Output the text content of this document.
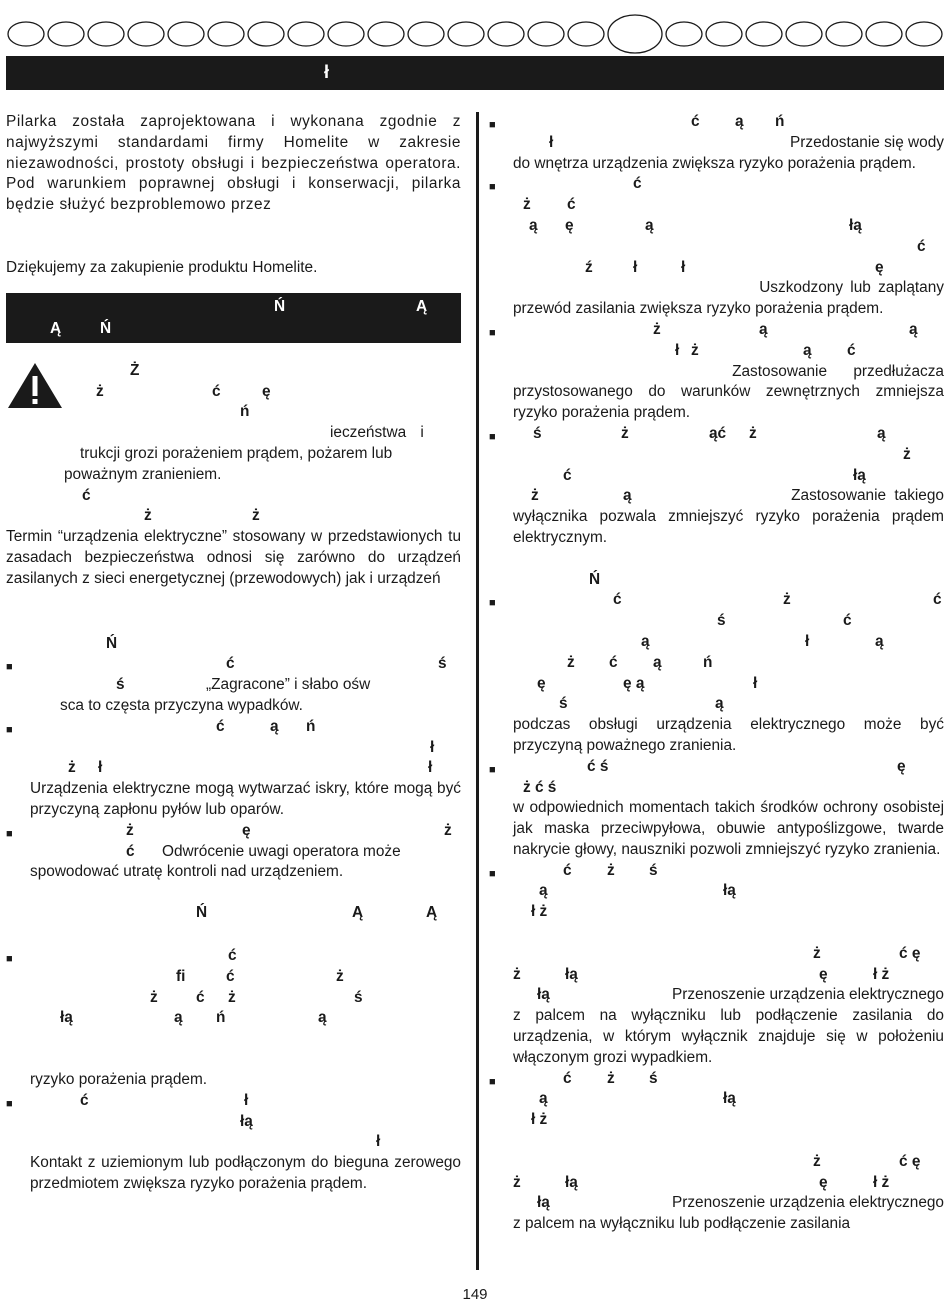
ł

Pilarka została zaprojektowana i wykonana zgodnie z najwyższymi standardami firmy Homelite w zakresie niezawodności, prostoty obsługi i bezpieczeństwa operatora. Pod warunkiem poprawnej obsługi i konserwacji, pilarka będzie służyć bezproblemowo przez

Dziękujemy za zakupienie produktu Homelite.

Ń	Ą
Ą	Ń
Ż
ż	ć	ę
ń
ieczeństwa i
trukcji grozi porażeniem prądem, pożarem lub
poważnym zranieniem.
ć
ż	ż

Termin “urządzenia elektryczne” stosowany w przedstawionych tu zasadach bezpieczeństwa odnosi się zarówno do urządzeń zasilanych z sieci energetycznej (przewodowych) jak i urządzeń

Ń
■	ć	ś
ś	„Zagracone” i słabo ośw
sca to częsta przyczyna wypadków.
■	ć	ą ń
ł
ż ł	ł

Urządzenia elektryczne mogą wytwarzać iskry, które mogą być przyczyną zapłonu pyłów lub oparów.

■	ż	ę	ż
ć Odwrócenie uwagi operatora może

spowodować utratę kontroli nad urządzeniem.

Ń	Ą	Ą
■	ć
fi	ć	ż
ż ć ż	ś
łą	ą ń	ą

ryzyko porażenia prądem.

■	ć	ł
łą
ł

Kontakt z uziemionym lub podłączonym do bieguna zerowego przedmiotem zwiększa ryzyko porażenia prądem.

■	ć ą ń
ł	Przedostanie się wody

do wnętrza urządzenia zwiększa ryzyko porażenia prądem.

■	ć
ż ć
ą ę	ą	łą
ć
ź	ł	ł	ę
Uszkodzony lub zaplątany

przewód zasilania zwiększa ryzyko porażenia prądem.

■	ż	ą	ą
ł ż	ą ć
Zastosowanie przedłużacza

przystosowanego do warunków zewnętrznych zmniejsza ryzyko porażenia prądem.

■ ś	ż	ąć ż	ą
ż
ć	łą
ż	ą	Zastosowanie takiego

wyłącznika pozwala zmniejszyć ryzyko porażenia prądem elektrycznym.

Ń
■	ć	ż	ć
ś	ć
ą	ł	ą
ż ć ą	ń
ę	ę ą	ł
ś	ą

podczas obsługi urządzenia elektrycznego może być przyczyną poważnego zranienia.

■	ć ś	ę
ż ć ś

w odpowiednich momentach takich środków ochrony osobistej jak maska przeciwpyłowa, obuwie antypoślizgowe, twarde nakrycie głowy, nauszniki pozwoli zmniejszyć ryzyko zranienia.

■	ć ż ś
ą	łą
ł ż
ż	ć ę
ż	łą	ę	ł ż
łą	Przenoszenie urządzenia elektrycznego

z palcem na wyłączniku lub podłączenie zasilania do urządzenia, w którym wyłącznik znajduje się w położeniu włączonym grozi wypadkiem.

■	ć ż ś
ą	łą
ł ż
ż	ć ę
ż	łą	ę	ł ż
łą	Przenoszenie urządzenia elektrycznego

z palcem na wyłączniku lub podłączenie zasilania

149
